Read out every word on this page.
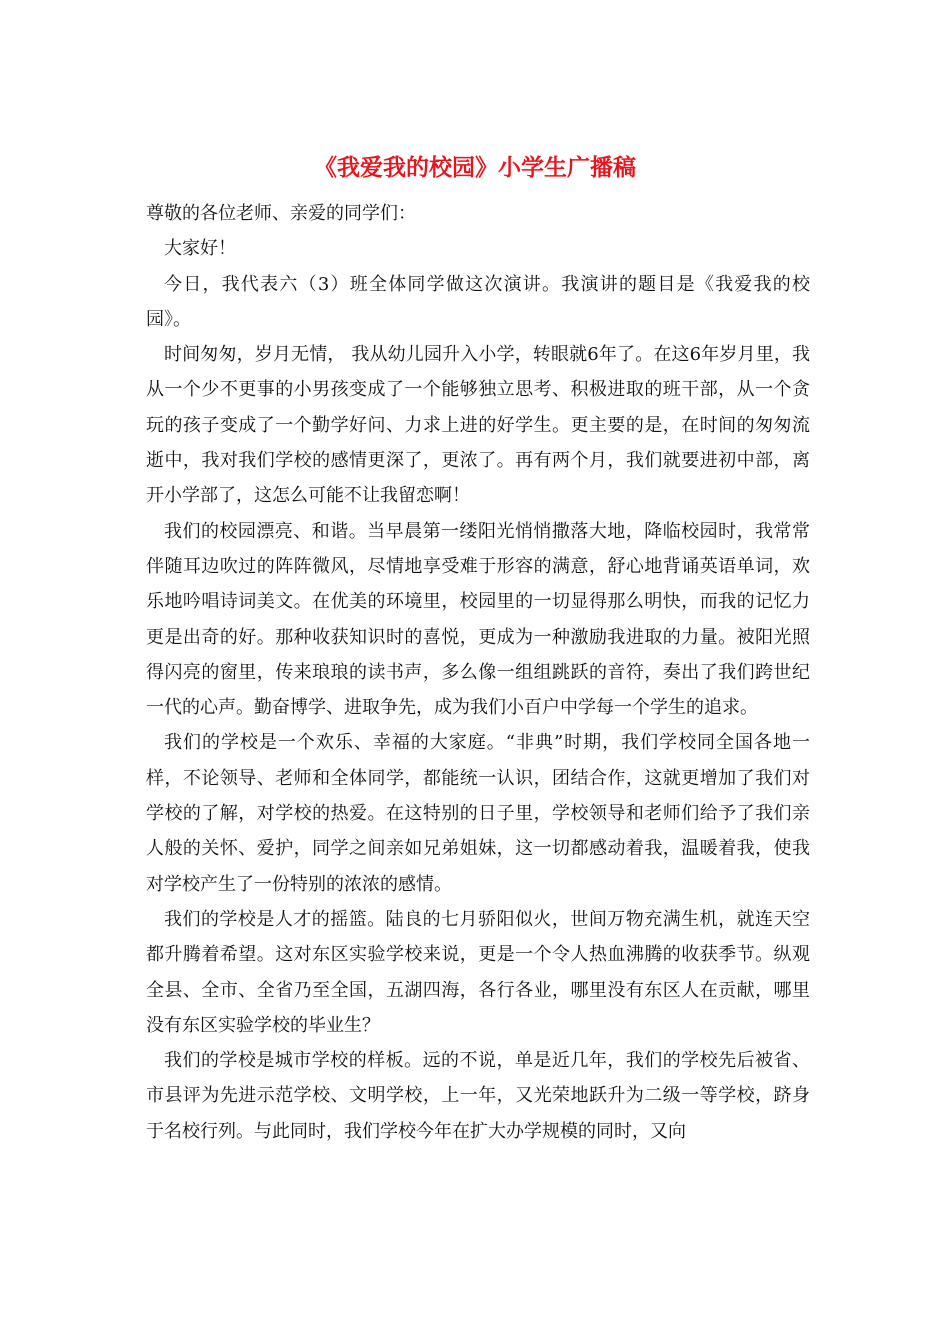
《我爱我的校园》小学生广播稿

尊敬的各位老师、亲爱的同学们：

大家好！

今日，我代表六（3）班全体同学做这次演讲。我演讲的题目是《我爱我的校园》。

时间匆匆，岁月无情， 我从幼儿园升入小学，转眼就6年了。在这6年岁月里，我从一个少不更事的小男孩变成了一个能够独立思考、积极进取的班干部，从一个贪玩的孩子变成了一个勤学好问、力求上进的好学生。更主要的是，在时间的匆匆流逝中，我对我们学校的感情更深了，更浓了。再有两个月，我们就要进初中部，离开小学部了，这怎么可能不让我留恋啊！

我们的校园漂亮、和谐。当早晨第一缕阳光悄悄撒落大地，降临校园时，我常常伴随耳边吹过的阵阵微风，尽情地享受难于形容的满意，舒心地背诵英语单词，欢乐地吟唱诗词美文。在优美的环境里，校园里的一切显得那么明快，而我的记忆力更是出奇的好。那种收获知识时的喜悦，更成为一种激励我进取的力量。被阳光照得闪亮的窗里，传来琅琅的读书声，多么像一组组跳跃的音符，奏出了我们跨世纪一代的心声。勤奋博学、进取争先，成为我们小百户中学每一个学生的追求。

我们的学校是一个欢乐、幸福的大家庭。“非典”时期，我们学校同全国各地一样，不论领导、老师和全体同学，都能统一认识，团结合作，这就更增加了我们对学校的了解，对学校的热爱。在这特别的日子里，学校领导和老师们给予了我们亲人般的关怀、爱护，同学之间亲如兄弟姐妹，这一切都感动着我，温暖着我，使我对学校产生了一份特别的浓浓的感情。

我们的学校是人才的摇篮。陆良的七月骄阳似火，世间万物充满生机，就连天空都升腾着希望。这对东区实验学校来说，更是一个令人热血沸腾的收获季节。纵观全县、全市、全省乃至全国，五湖四海，各行各业，哪里没有东区人在贡献，哪里没有东区实验学校的毕业生？

我们的学校是城市学校的样板。远的不说，单是近几年，我们的学校先后被省、市县评为先进示范学校、文明学校，上一年，又光荣地跃升为二级一等学校，跻身于名校行列。与此同时，我们学校今年在扩大办学规模的同时，又向
